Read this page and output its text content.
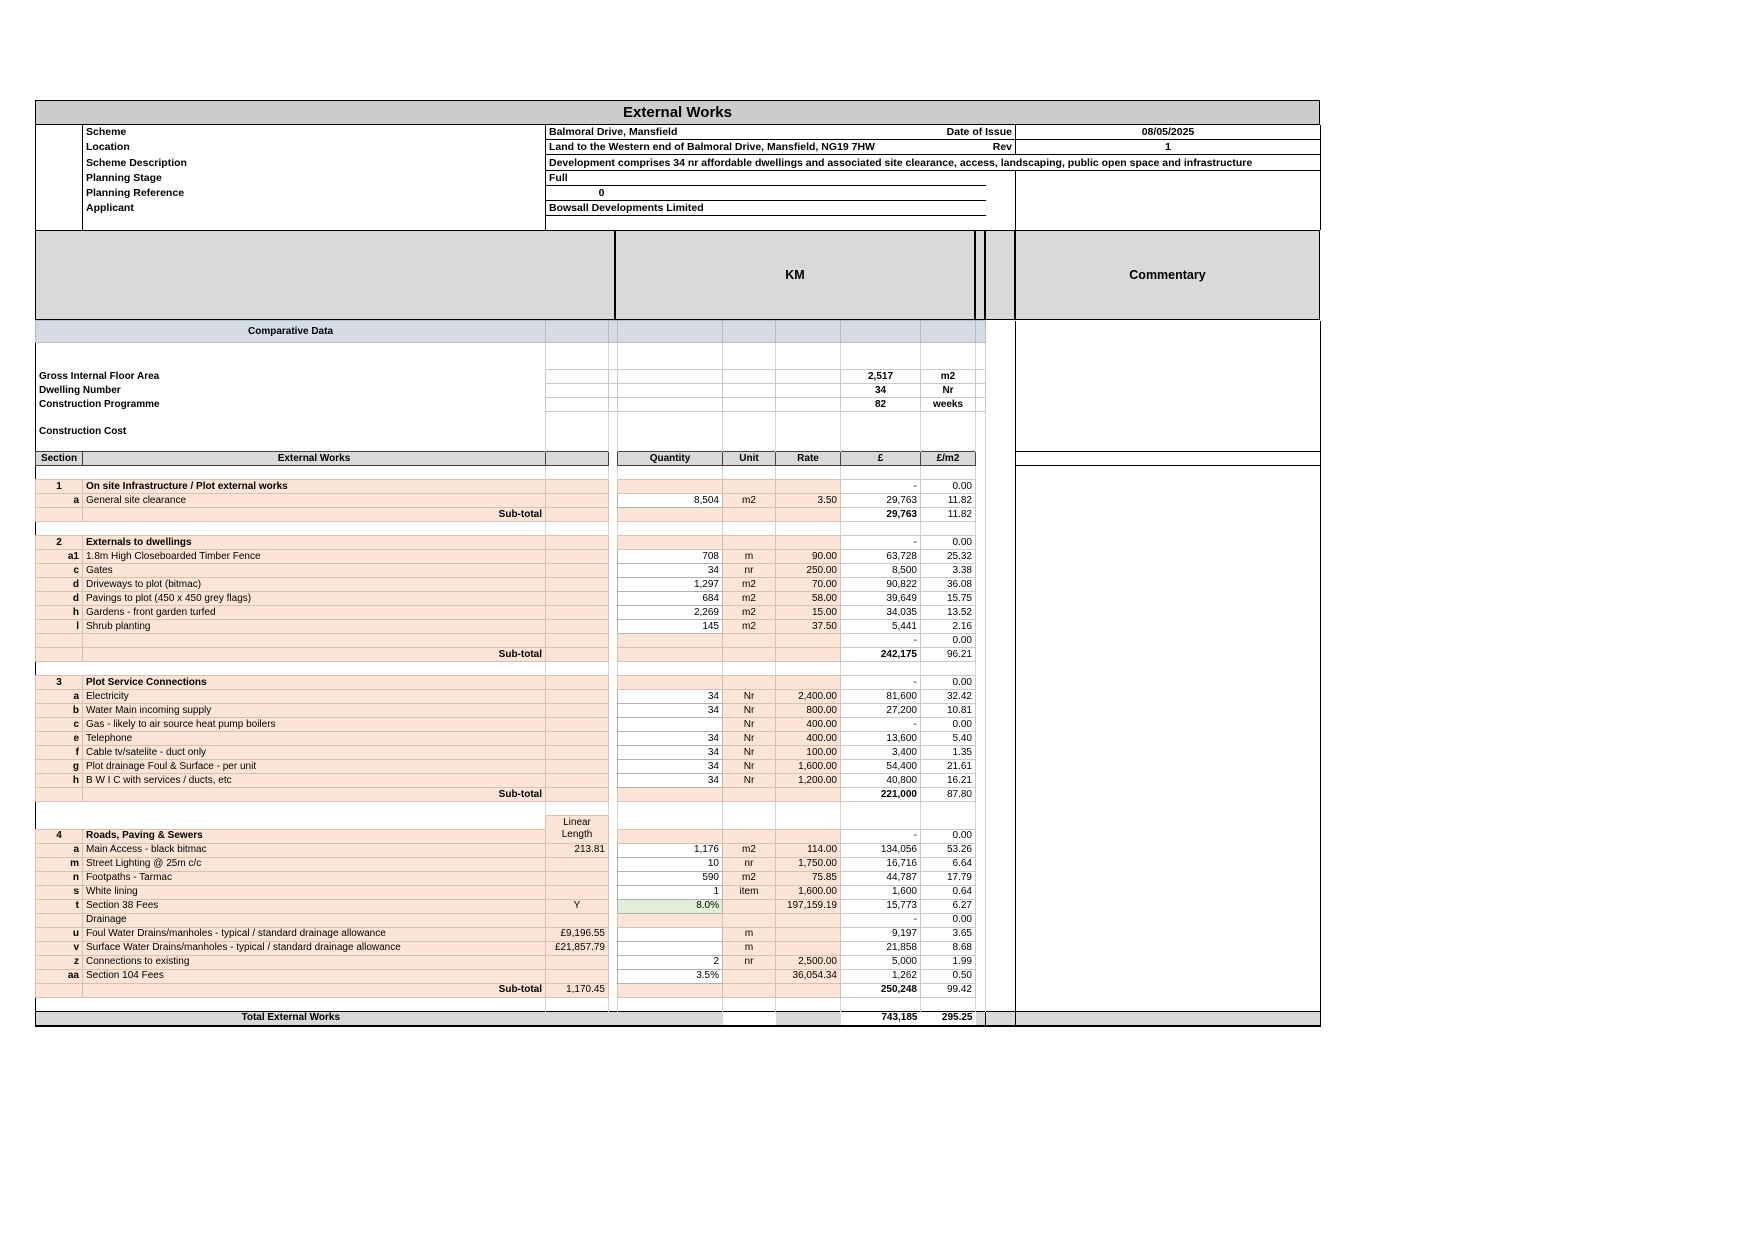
External Works
	Scheme	Balmoral Drive, Mansfield	Date of Issue	08/05/2025
	Location	Land to the Western end of Balmoral Drive, Mansfield, NG19 7HW	Rev	1
	Scheme Description	Development comprises 34 nr affordable dwellings and associated site clearance, access, landscaping, public open space and infrastructure		
	Planning Stage	Full		
	Planning Reference	0		
	Applicant	Bowsall Developments Limited		

KM	Commentary
Comparative Data											

Gross Internal Floor Area							2,517	m2			
Dwelling Number							34	Nr			
Construction Programme							82	weeks			

Construction Cost											

Section	External Works			Quantity	Unit	Rate	£	£/m2			

1	On site Infrastructure / Plot external works						-	0.00			
a	General site clearance			8,504	m2	3.50	29,763	11.82			
	Sub-total						29,763	11.82			

2	Externals to dwellings						-	0.00			
a1	1.8m High Closeboarded Timber Fence			708	m	90.00	63,728	25.32			
c	Gates			34	nr	250.00	8,500	3.38			
d	Driveways to plot (bitmac)			1,297	m2	70.00	90,822	36.08			
d	Pavings to plot (450 x 450 grey flags)			684	m2	58.00	39,649	15.75			
h	Gardens - front garden turfed			2,269	m2	15.00	34,035	13.52			
l	Shrub planting			145	m2	37.50	5,441	2.16			
							-	0.00			
	Sub-total						242,175	96.21			

3	Plot Service Connections						-	0.00			
a	Electricity			34	Nr	2,400.00	81,600	32.42			
b	Water Main incoming supply			34	Nr	800.00	27,200	10.81			
c	Gas - likely to air source heat pump boilers				Nr	400.00	-	0.00			
e	Telephone			34	Nr	400.00	13,600	5.40			
f	Cable tv/satelite - duct only			34	Nr	100.00	3,400	1.35			
g	Plot drainage Foul & Surface - per unit			34	Nr	1,600.00	54,400	21.61			
h	B W I C with services / ducts, etc			34	Nr	1,200.00	40,800	16.21			
	Sub-total						221,000	87.80			

		Linear Length									
4	Roads, Paving & Sewers						-	0.00			
a	Main Access - black bitmac	213.81		1,176	m2	114.00	134,056	53.26			
m	Street Lighting @ 25m c/c			10	nr	1,750.00	16,716	6.64			
n	Footpaths - Tarmac			590	m2	75.85	44,787	17.79			
s	White lining			1	item	1,600.00	1,600	0.64			
t	Section 38 Fees	Y		8.0%		197,159.19	15,773	6.27			
	Drainage						-	0.00			
u	Foul Water Drains/manholes - typical / standard drainage allowance	£9,196.55			m		9,197	3.65			
v	Surface Water Drains/manholes - typical / standard drainage allowance	£21,857.79			m		21,858	8.68			
z	Connections to existing			2	nr	2,500.00	5,000	1.99			
aa	Section 104 Fees			3.5%		36,054.34	1,262	0.50			
	Sub-total	1,170.45					250,248	99.42			

Total External Works							743,185	295.25			
